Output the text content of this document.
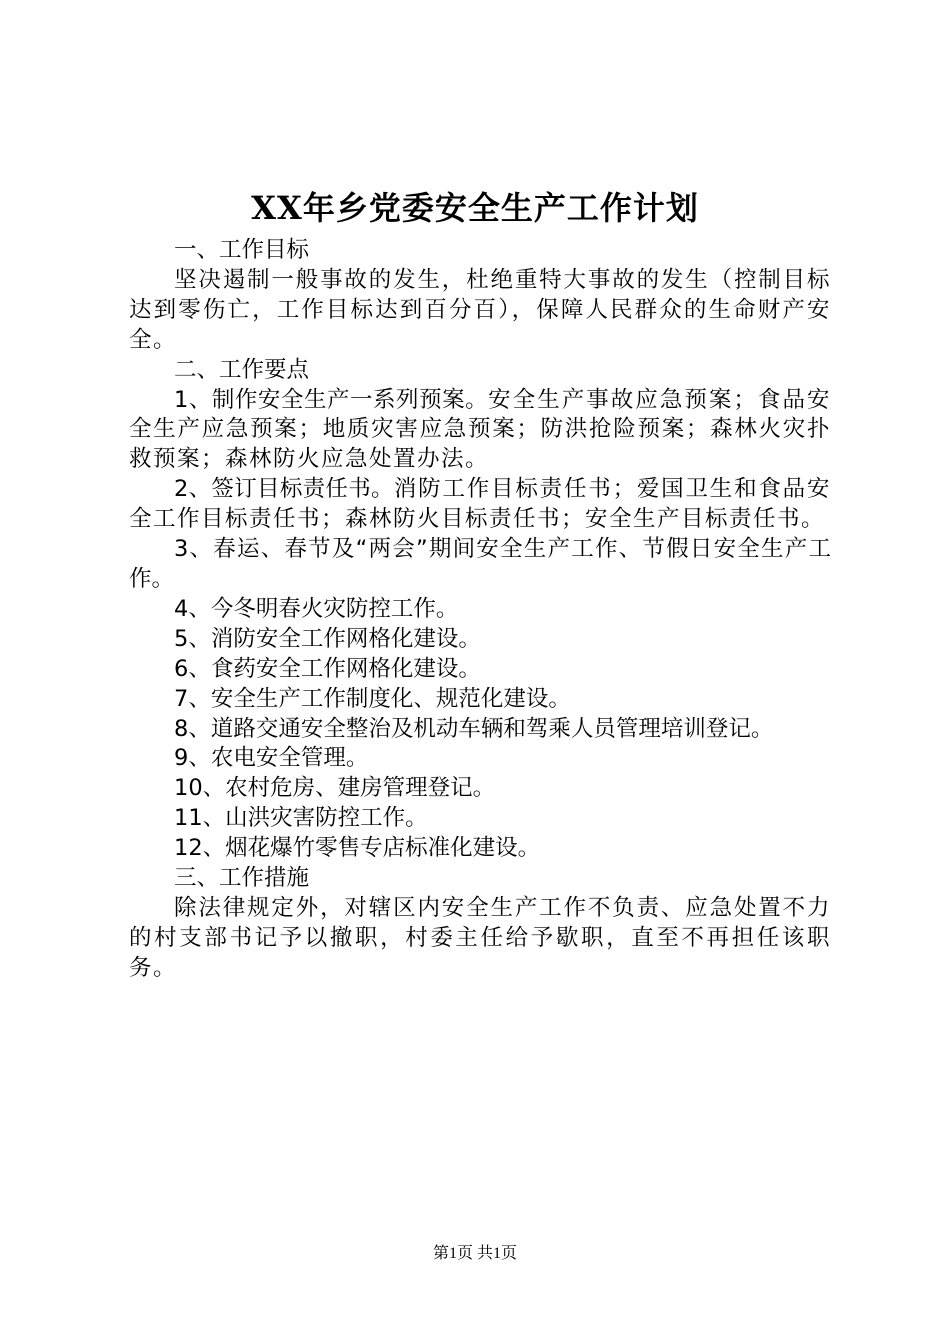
XX年乡党委安全生产工作计划

一、工作目标

坚决遏制一般事故的发生，杜绝重特大事故的发生（控制目标达到零伤亡，工作目标达到百分百），保障人民群众的生命财产安全。

二、工作要点

1、制作安全生产一系列预案。安全生产事故应急预案；食品安全生产应急预案；地质灾害应急预案；防洪抢险预案；森林火灾扑救预案；森林防火应急处置办法。

2、签订目标责任书。消防工作目标责任书；爱国卫生和食品安全工作目标责任书；森林防火目标责任书；安全生产目标责任书。

3、春运、春节及“两会”期间安全生产工作、节假日安全生产工作。

4、今冬明春火灾防控工作。

5、消防安全工作网格化建设。

6、食药安全工作网格化建设。

7、安全生产工作制度化、规范化建设。

8、道路交通安全整治及机动车辆和驾乘人员管理培训登记。

9、农电安全管理。

10、农村危房、建房管理登记。

11、山洪灾害防控工作。

12、烟花爆竹零售专店标准化建设。

三、工作措施

除法律规定外，对辖区内安全生产工作不负责、应急处置不力的村支部书记予以撤职，村委主任给予歇职，直至不再担任该职务。

第1页 共1页
